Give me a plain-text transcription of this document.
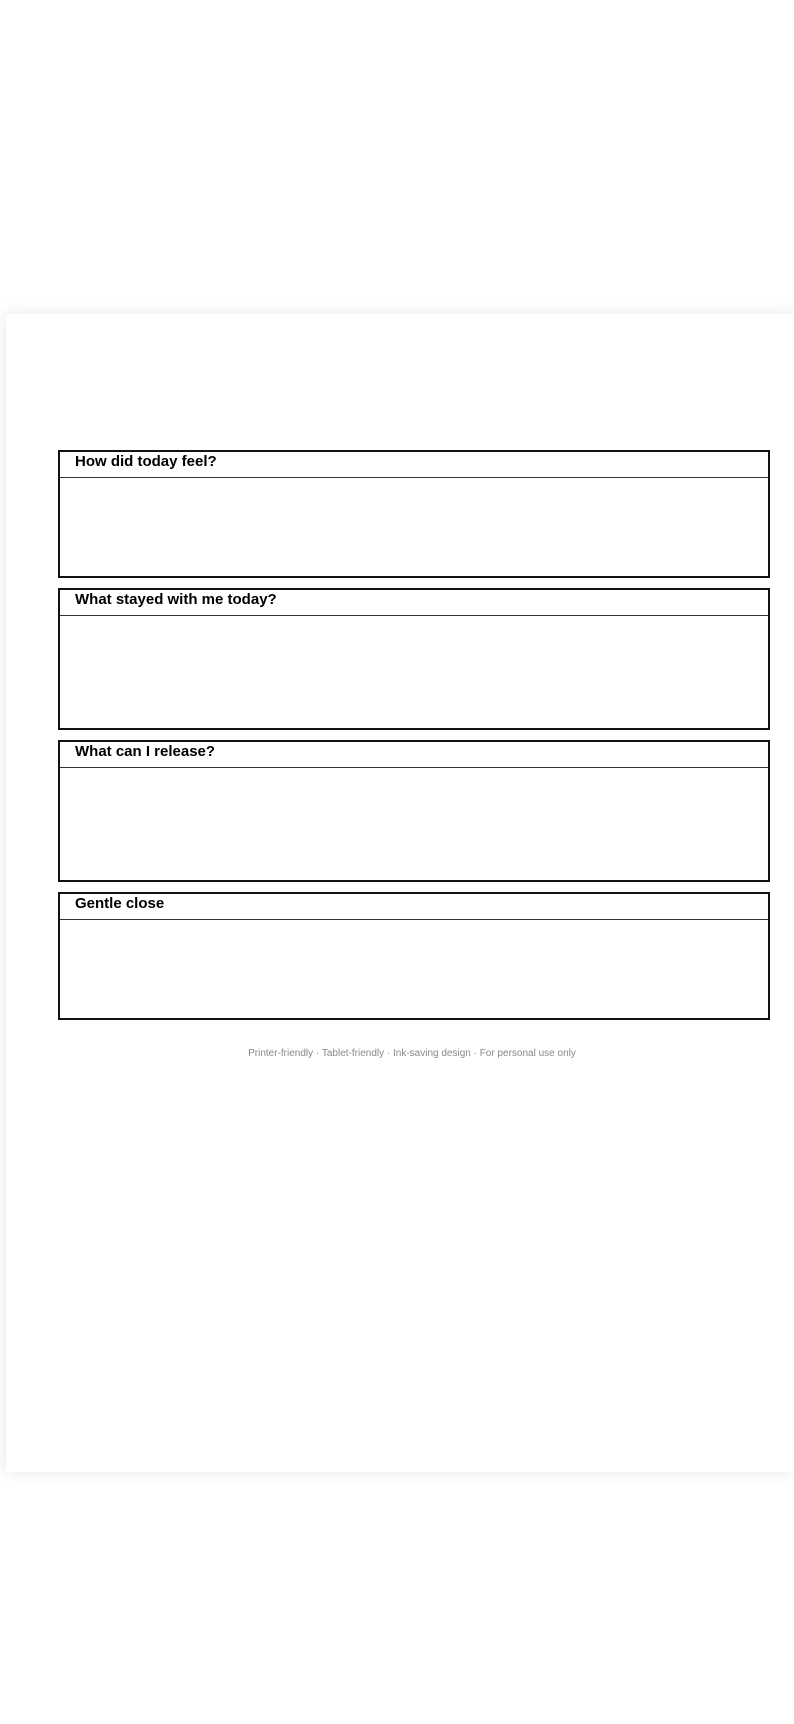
How did today feel?
What stayed with me today?
What can I release?
Gentle close
Printer-friendly · Tablet-friendly · Ink-saving design · For personal use only
